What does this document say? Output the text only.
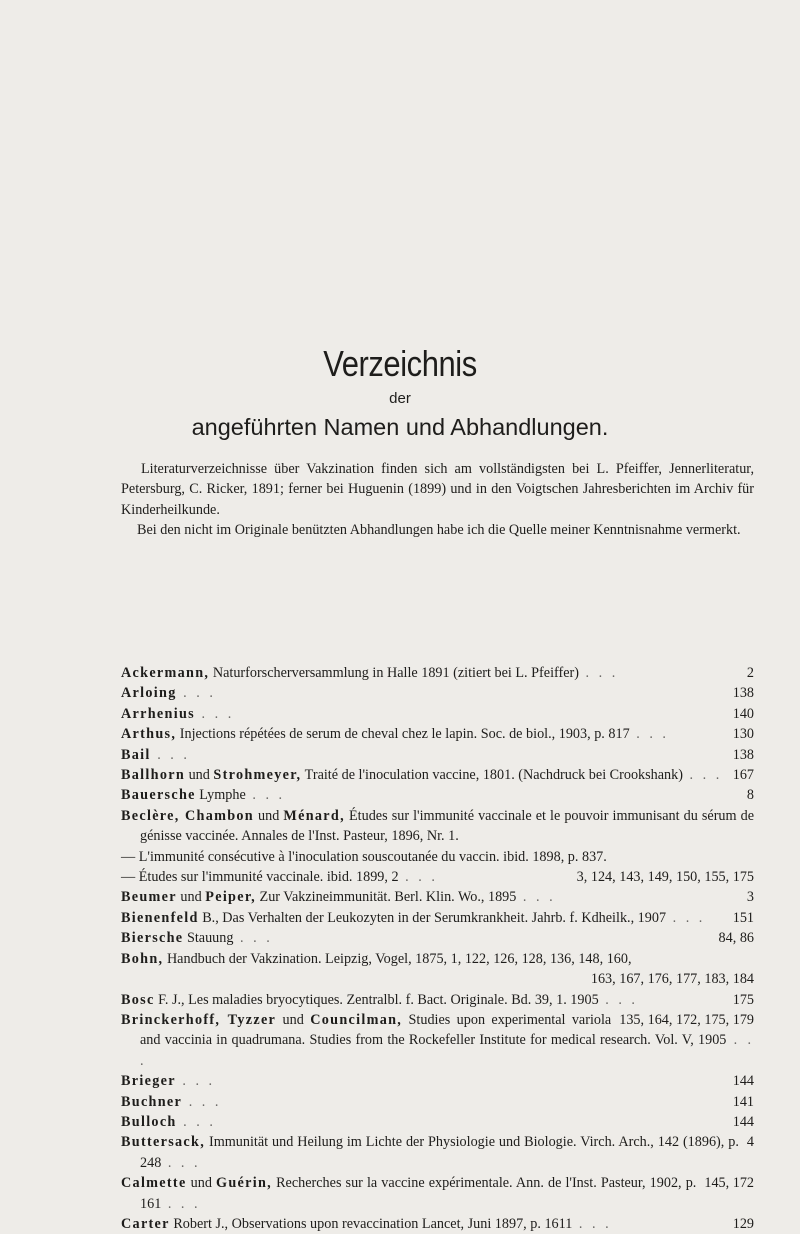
Verzeichnis
der
angeführten Namen und Abhandlungen.

Literaturverzeichnisse über Vakzination finden sich am vollständigsten bei L. Pfeiffer, Jennerliteratur, Petersburg, C. Ricker, 1891; ferner bei Huguenin (1899) und in den Voigtschen Jahresberichten im Archiv für Kinderheilkunde.

Bei den nicht im Originale benützten Abhandlungen habe ich die Quelle meiner Kenntnisnahme vermerkt.

2
Ackermann, Naturforscherversammlung in Halle 1891 (zitiert bei L. Pfeiffer) . . .
138
Arloing . . .
140
Arrhenius . . .
130
Arthus, Injections répétées de serum de cheval chez le lapin. Soc. de biol., 1903, p. 817 . . .
138
Bail . . .
167
Ballhorn und Strohmeyer, Traité de l'inoculation vaccine, 1801. (Nachdruck bei Crookshank) . . .
8
Bauersche Lymphe . . .
Beclère, Chambon und Ménard, Études sur l'immunité vaccinale et le pouvoir immunisant du sérum de génisse vaccinée. Annales de l'Inst. Pasteur, 1896, Nr. 1.
— L'immunité consécutive à l'inoculation souscoutanée du vaccin. ibid. 1898, p. 837.
3, 124, 143, 149, 150, 155, 175
— Études sur l'immunité vaccinale. ibid. 1899, 2 . . .
3
Beumer und Peiper, Zur Vakzineimmunität. Berl. Klin. Wo., 1895 . . .
151
Bienenfeld B., Das Verhalten der Leukozyten in der Serumkrankheit. Jahrb. f. Kdheilk., 1907 . . .
84, 86
Biersche Stauung . . .
Bohn, Handbuch der Vakzination. Leipzig, Vogel, 1875, 1, 122, 126, 128, 136, 148, 160,
163, 167, 176, 177, 183, 184
175
Bosc F. J., Les maladies bryocytiques. Zentralbl. f. Bact. Originale. Bd. 39, 1. 1905 . . .
135, 164, 172, 175, 179
Brinckerhoff, Tyzzer und Councilman, Studies upon experimental variola and vaccinia in quadrumana. Studies from the Rockefeller Institute for medical research. Vol. V, 1905 . . .
144
Brieger . . .
141
Buchner . . .
144
Bulloch . . .
4
Buttersack, Immunität und Heilung im Lichte der Physiologie und Biologie. Virch. Arch., 142 (1896), p. 248 . . .
145, 172
Calmette und Guérin, Recherches sur la vaccine expérimentale. Ann. de l'Inst. Pasteur, 1902, p. 161 . . .
129
Carter Robert J., Observations upon revaccination Lancet, Juni 1897, p. 1611 . . .
